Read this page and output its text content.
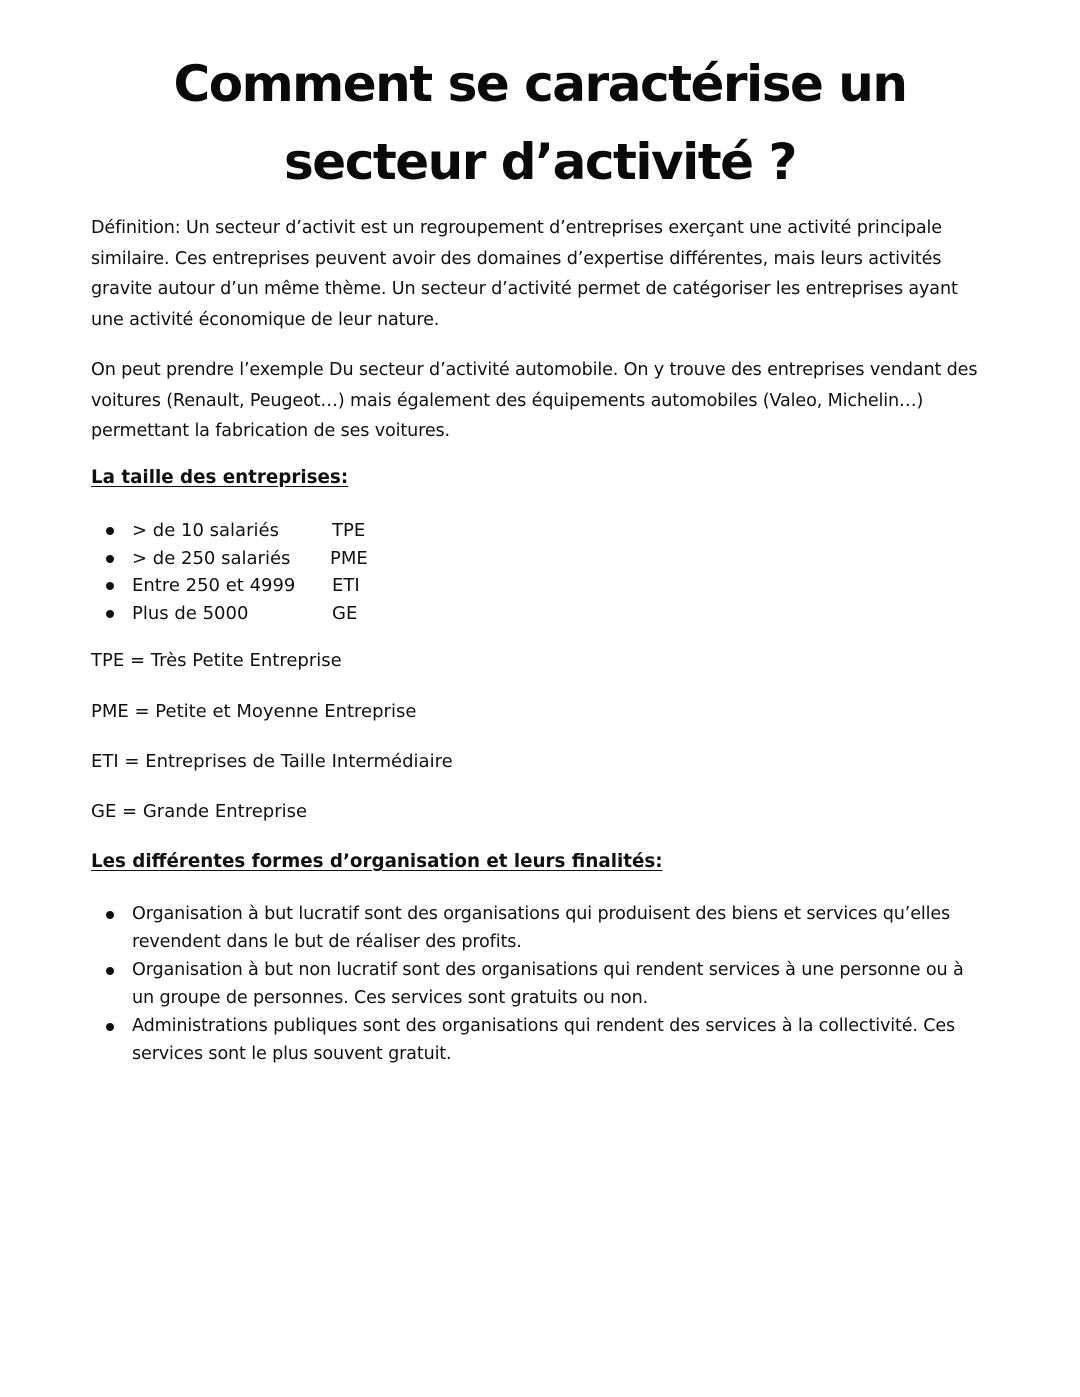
Comment se caractérise un
secteur d’activité ?

Définition: Un secteur d’activit est un regroupement d’entreprises exerçant une activité principale similaire. Ces entreprises peuvent avoir des domaines d’expertise différentes, mais leurs activités gravite autour d’un même thème. Un secteur d’activité permet de catégoriser les entreprises ayant une activité économique de leur nature.

On peut prendre l’exemple Du secteur d’activité automobile. On y trouve des entreprises vendant des voitures (Renault, Peugeot…) mais également des équipements automobiles (Valeo, Michelin…) permettant la fabrication de ses voitures.

La taille des entreprises:

> de 10 salariés	TPE
> de 250 salariés	PME
Entre 250 et 4999	ETI
Plus de 5000	GE

TPE = Très Petite Entreprise

PME = Petite et Moyenne Entreprise

ETI = Entreprises de Taille Intermédiaire

GE = Grande Entreprise

Les différentes formes d’organisation et leurs finalités:

Organisation à but lucratif sont des organisations qui produisent des biens et services qu’elles revendent dans le but de réaliser des profits.
Organisation à but non lucratif sont des organisations qui rendent services à une personne ou à un groupe de personnes. Ces services sont gratuits ou non.
Administrations publiques sont des organisations qui rendent des services à la collectivité. Ces services sont le plus souvent gratuit.
